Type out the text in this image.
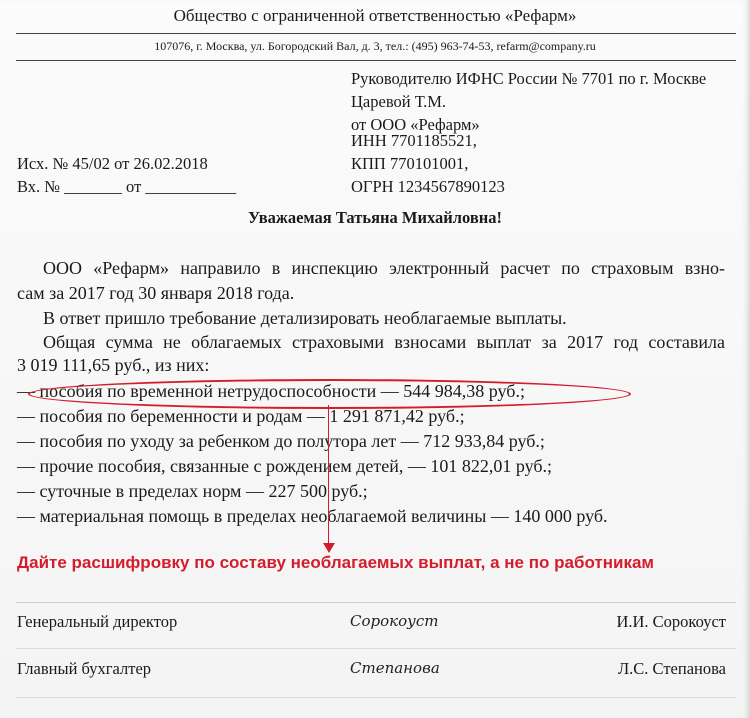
Общество с ограниченной ответственностью «Рефарм»
107076, г. Москва, ул. Богородский Вал, д. 3, тел.: (495) 963-74-53, refarm@company.ru
Руководителю ИФНС России № 7701 по г. Москве
Царевой Т.М.
от ООО «Рефарм»
ИНН 7701185521,
КПП 770101001,
ОГРН 1234567890123
Исх. № 45/02 от 26.02.2018
Вх. № _______ от ___________
Уважаемая Татьяна Михайловна!
ООО «Рефарм» направило в инспекцию электронный расчет по страховым взно-
сам за 2017 год 30 января 2018 года.
В ответ пришло требование детализировать необлагаемые выплаты.
Общая сумма не облагаемых страховыми взносами выплат за 2017 год составила
3 019 111,65 руб., из них:
— пособия по временной нетрудоспособности — 544 984,38 руб.;
— пособия по беременности и родам — 1 291 871,42 руб.;
— пособия по уходу за ребенком до полутора лет — 712 933,84 руб.;
— прочие пособия, связанные с рождением детей, — 101 822,01 руб.;
— суточные в пределах норм — 227 500 руб.;
— материальная помощь в пределах необлагаемой величины — 140 000 руб.
Дайте расшифровку по составу необлагаемых выплат, а не по работникам
Генеральный директор	Сорокоуст	И.И. Сорокоуст
Главный бухгалтер	Степанова	Л.С. Степанова
